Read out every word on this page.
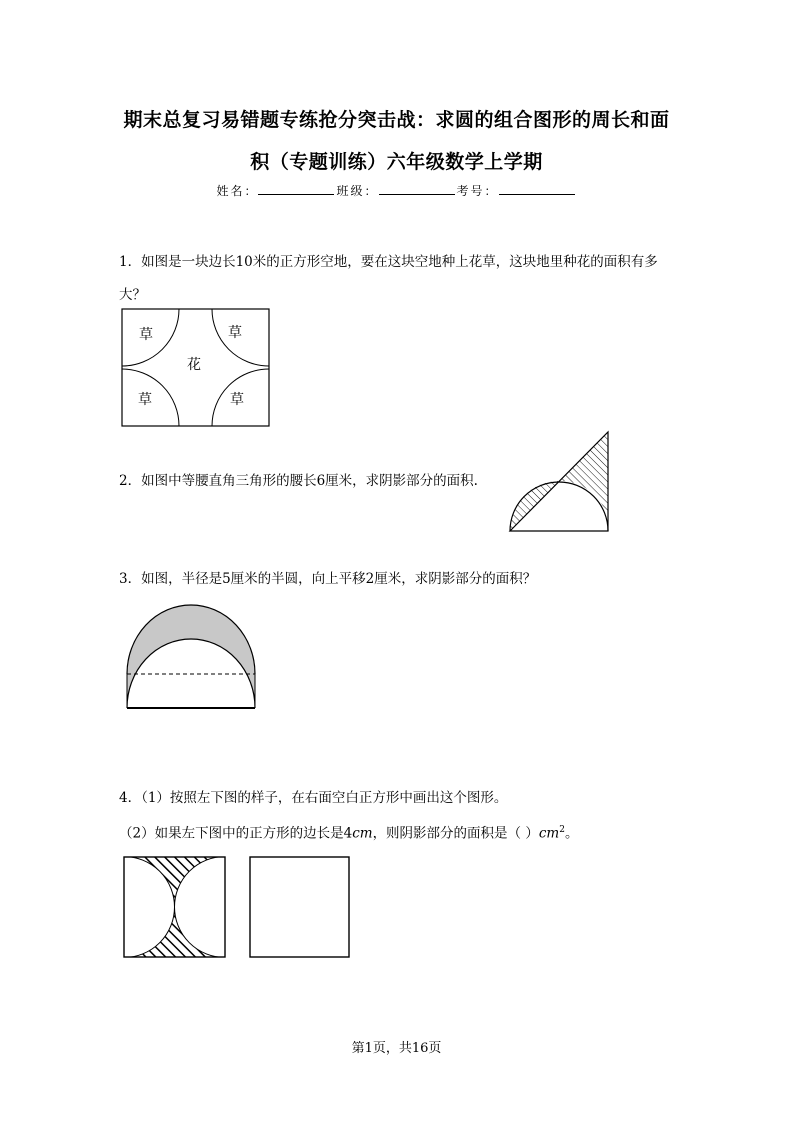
期末总复习易错题专练抢分突击战：求圆的组合图形的周长和面
积（专题训练）六年级数学上学期
姓名：	班级：	考号：
1．如图是一块边长10米的正方形空地，要在这块空地种上花草，这块地里种花的面积有多大？
草	草
花
草	草
2．如图中等腰直角三角形的腰长6厘米，求阴影部分的面积.
3．如图，半径是5厘米的半圆，向上平移2厘米，求阴影部分的面积？
4．（1）按照左下图的样子，在右面空白正方形中画出这个图形。
（2）如果左下图中的正方形的边长是4cm，则阴影部分的面积是（ ）$cm^2$。
第1页，共16页
